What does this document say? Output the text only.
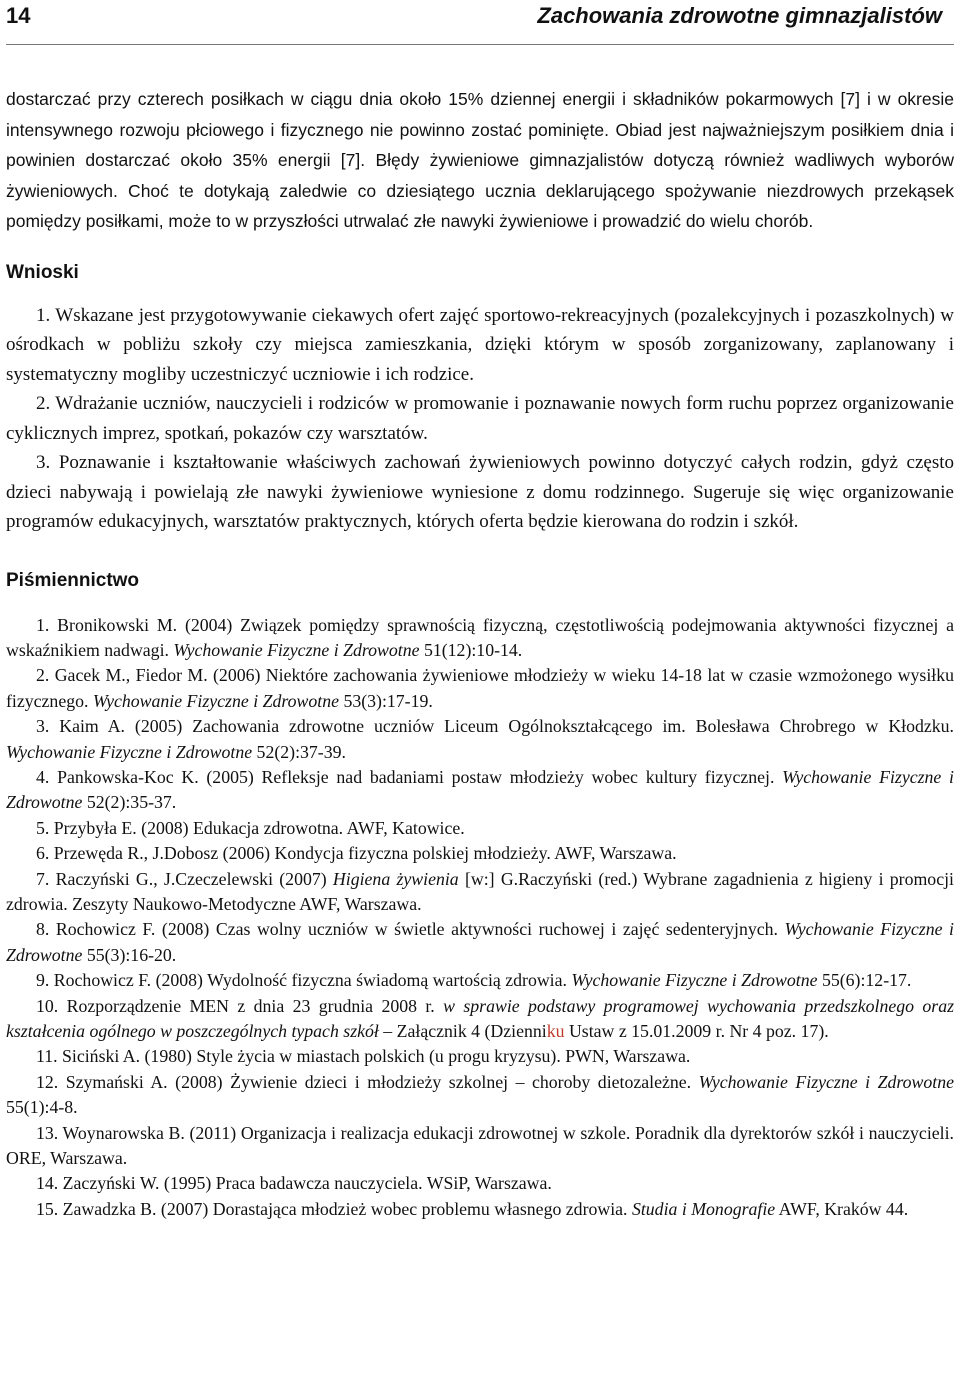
14	Zachowania zdrowotne gimnazjalistów

dostarczać przy czterech posiłkach w ciągu dnia około 15% dziennej energii i składników pokarmowych [7] i w okresie intensywnego rozwoju płciowego i fizycznego nie powinno zostać pominięte. Obiad jest najważniejszym posiłkiem dnia i powinien dostarczać około 35% energii [7]. Błędy żywieniowe gimnazjalistów dotyczą również wadliwych wyborów żywieniowych. Choć te dotykają zaledwie co dziesiątego ucznia deklarującego spożywanie niezdrowych przekąsek pomiędzy posiłkami, może to w przyszłości utrwalać złe nawyki żywieniowe i prowadzić do wielu chorób.

Wnioski

1. Wskazane jest przygotowywanie ciekawych ofert zajęć sportowo-rekreacyjnych (pozalekcyjnych i pozaszkolnych) w ośrodkach w pobliżu szkoły czy miejsca zamieszkania, dzięki którym w sposób zorganizowany, zaplanowany i systematyczny mogliby uczestniczyć uczniowie i ich rodzice.

2. Wdrażanie uczniów, nauczycieli i rodziców w promowanie i poznawanie nowych form ruchu poprzez organizowanie cyklicznych imprez, spotkań, pokazów czy warsztatów.

3. Poznawanie i kształtowanie właściwych zachowań żywieniowych powinno dotyczyć całych rodzin, gdyż często dzieci nabywają i powielają złe nawyki żywieniowe wyniesione z domu rodzinnego. Sugeruje się więc organizowanie programów edukacyjnych, warsztatów praktycznych, których oferta będzie kierowana do rodzin i szkół.

Piśmiennictwo

1. Bronikowski M. (2004) Związek pomiędzy sprawnością fizyczną, częstotliwością podejmowania aktywności fizycznej a wskaźnikiem nadwagi. Wychowanie Fizyczne i Zdrowotne 51(12):10-14.

2. Gacek M., Fiedor M. (2006) Niektóre zachowania żywieniowe młodzieży w wieku 14-18 lat w czasie wzmożonego wysiłku fizycznego. Wychowanie Fizyczne i Zdrowotne 53(3):17-19.

3. Kaim A. (2005) Zachowania zdrowotne uczniów Liceum Ogólnokształcącego im. Bolesława Chrobrego w Kłodzku. Wychowanie Fizyczne i Zdrowotne 52(2):37-39.

4. Pankowska-Koc K. (2005) Refleksje nad badaniami postaw młodzieży wobec kultury fizycznej. Wychowanie Fizyczne i Zdrowotne 52(2):35-37.

5. Przybyła E. (2008) Edukacja zdrowotna. AWF, Katowice.

6. Przewęda R., J.Dobosz (2006) Kondycja fizyczna polskiej młodzieży. AWF, Warszawa.

7. Raczyński G., J.Czeczelewski (2007) Higiena żywienia [w:] G.Raczyński (red.) Wybrane zagadnienia z higieny i promocji zdrowia. Zeszyty Naukowo-Metodyczne AWF, Warszawa.

8. Rochowicz F. (2008) Czas wolny uczniów w świetle aktywności ruchowej i zajęć sedenteryjnych. Wychowanie Fizyczne i Zdrowotne 55(3):16-20.

9. Rochowicz F. (2008) Wydolność fizyczna świadomą wartością zdrowia. Wychowanie Fizyczne i Zdrowotne 55(6):12-17.

10. Rozporządzenie MEN z dnia 23 grudnia 2008 r. w sprawie podstawy programowej wychowania przedszkolnego oraz kształcenia ogólnego w poszczególnych typach szkół – Załącznik 4 (Dzienniku Ustaw z 15.01.2009 r. Nr 4 poz. 17).

11. Siciński A. (1980) Style życia w miastach polskich (u progu kryzysu). PWN, Warszawa.

12. Szymański A. (2008) Żywienie dzieci i młodzieży szkolnej – choroby dietozależne. Wychowanie Fizyczne i Zdrowotne 55(1):4-8.

13. Woynarowska B. (2011) Organizacja i realizacja edukacji zdrowotnej w szkole. Poradnik dla dyrektorów szkół i nauczycieli. ORE, Warszawa.

14. Zaczyński W. (1995) Praca badawcza nauczyciela. WSiP, Warszawa.

15. Zawadzka B. (2007) Dorastająca młodzież wobec problemu własnego zdrowia. Studia i Monografie AWF, Kraków 44.
